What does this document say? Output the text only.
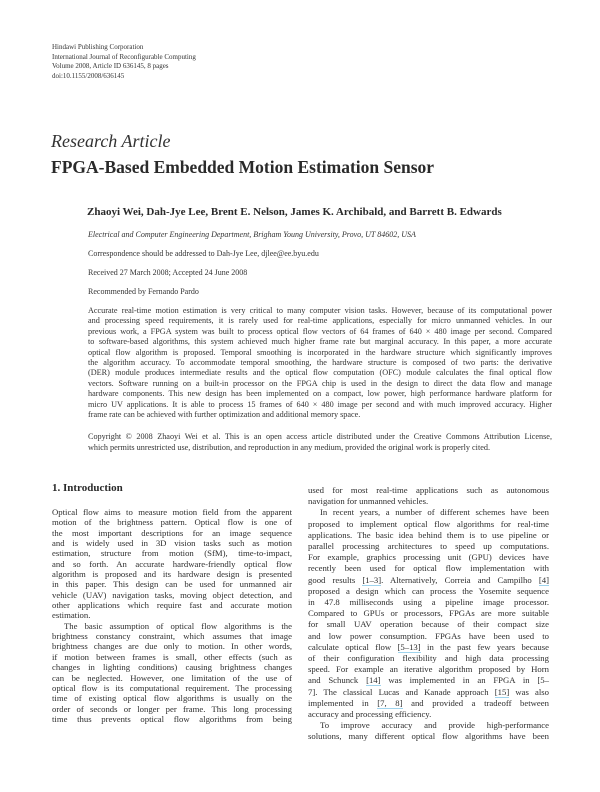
Hindawi Publishing Corporation
International Journal of Reconfigurable Computing
Volume 2008, Article ID 636145, 8 pages
doi:10.1155/2008/636145
Research Article
FPGA-Based Embedded Motion Estimation Sensor
Zhaoyi Wei, Dah-Jye Lee, Brent E. Nelson, James K. Archibald, and Barrett B. Edwards
Electrical and Computer Engineering Department, Brigham Young University, Provo, UT 84602, USA
Correspondence should be addressed to Dah-Jye Lee, djlee@ee.byu.edu
Received 27 March 2008; Accepted 24 June 2008
Recommended by Fernando Pardo
Accurate real-time motion estimation is very critical to many computer vision tasks. However, because of its computational power
and processing speed requirements, it is rarely used for real-time applications, especially for micro unmanned vehicles. In our
previous work, a FPGA system was built to process optical flow vectors of 64 frames of 640 × 480 image per second. Compared
to software-based algorithms, this system achieved much higher frame rate but marginal accuracy. In this paper, a more accurate
optical flow algorithm is proposed. Temporal smoothing is incorporated in the hardware structure which significantly improves
the algorithm accuracy. To accommodate temporal smoothing, the hardware structure is composed of two parts: the derivative
(DER) module produces intermediate results and the optical flow computation (OFC) module calculates the final optical flow
vectors. Software running on a built-in processor on the FPGA chip is used in the design to direct the data flow and manage
hardware components. This new design has been implemented on a compact, low power, high performance hardware platform for
micro UV applications. It is able to process 15 frames of 640 × 480 image per second and with much improved accuracy. Higher
frame rate can be achieved with further optimization and additional memory space.
Copyright © 2008 Zhaoyi Wei et al. This is an open access article distributed under the Creative Commons Attribution License,
which permits unrestricted use, distribution, and reproduction in any medium, provided the original work is properly cited.
1. Introduction
Optical flow aims to measure motion field from the apparent
motion of the brightness pattern. Optical flow is one of
the most important descriptions for an image sequence
and is widely used in 3D vision tasks such as motion
estimation, structure from motion (SfM), time-to-impact,
and so forth. An accurate hardware-friendly optical flow
algorithm is proposed and its hardware design is presented
in this paper. This design can be used for unmanned air
vehicle (UAV) navigation tasks, moving object detection, and
other applications which require fast and accurate motion
estimation.
The basic assumption of optical flow algorithms is the
brightness constancy constraint, which assumes that image
brightness changes are due only to motion. In other words,
if motion between frames is small, other effects (such as
changes in lighting conditions) causing brightness changes
can be neglected. However, one limitation of the use of
optical flow is its computational requirement. The processing
time of existing optical flow algorithms is usually on the
order of seconds or longer per frame. This long processing
time thus prevents optical flow algorithms from being
used for most real-time applications such as autonomous
navigation for unmanned vehicles.
In recent years, a number of different schemes have been
proposed to implement optical flow algorithms for real-time
applications. The basic idea behind them is to use pipeline or
parallel processing architectures to speed up computations.
For example, graphics processing unit (GPU) devices have
recently been used for optical flow implementation with
good results [1–3]. Alternatively, Correia and Campilho [4]
proposed a design which can process the Yosemite sequence
in 47.8 milliseconds using a pipeline image processor.
Compared to GPUs or processors, FPGAs are more suitable
for small UAV operation because of their compact size
and low power consumption. FPGAs have been used to
calculate optical flow [5–13] in the past few years because
of their configuration flexibility and high data processing
speed. For example an iterative algorithm proposed by Horn
and Schunck [14] was implemented in an FPGA in [5–
7]. The classical Lucas and Kanade approach [15] was also
implemented in [7, 8] and provided a tradeoff between
accuracy and processing efficiency.
To improve accuracy and provide high-performance
solutions, many different optical flow algorithms have been
